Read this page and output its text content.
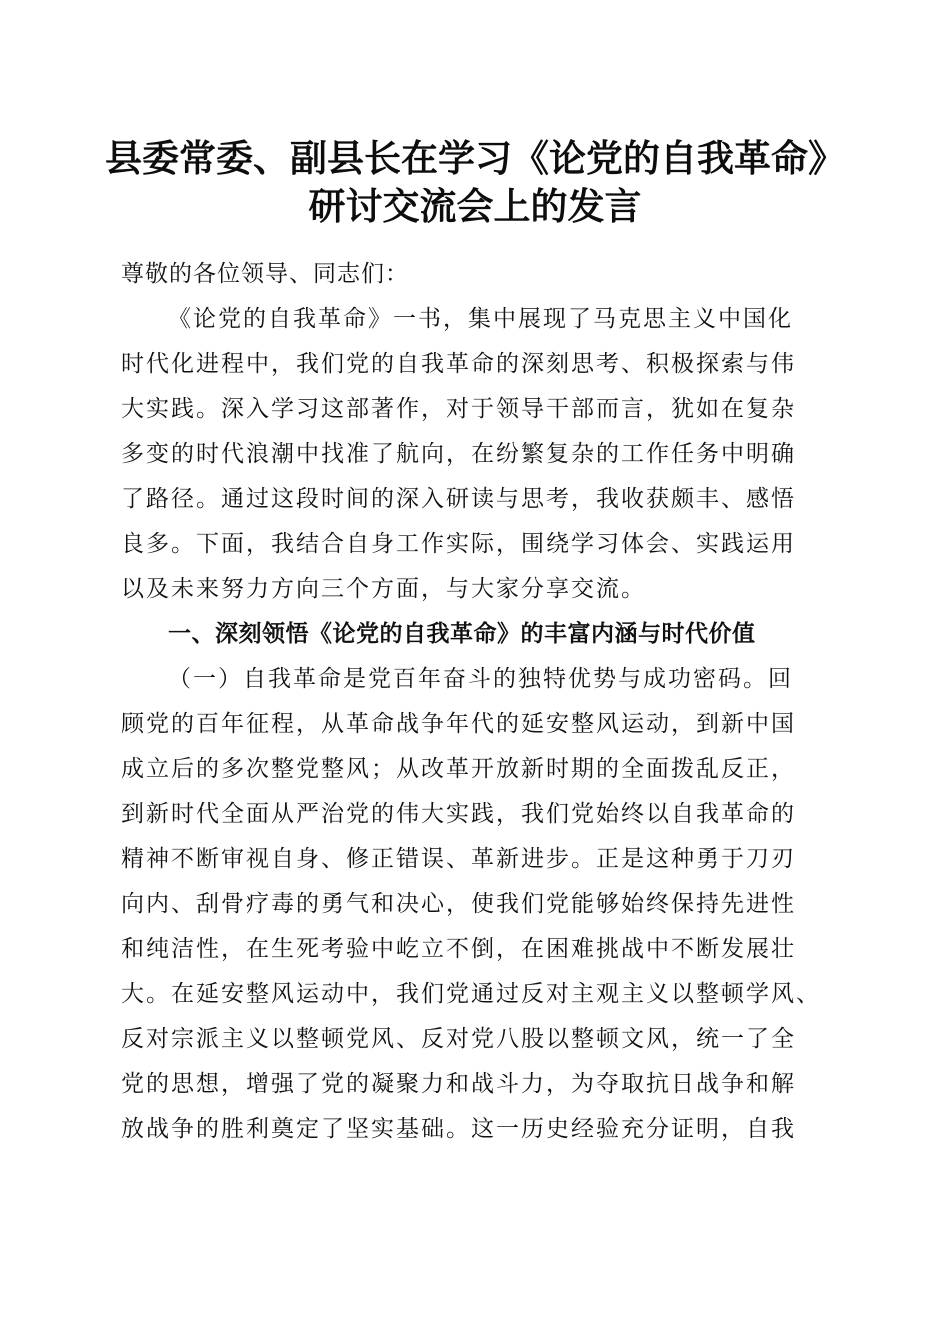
县委常委、副县长在学习《论党的自我革命》
研讨交流会上的发言
尊敬的各位领导、同志们：
《论党的自我革命》一书，集中展现了马克思主义中国化
时代化进程中，我们党的自我革命的深刻思考、积极探索与伟
大实践。深入学习这部著作，对于领导干部而言，犹如在复杂
多变的时代浪潮中找准了航向，在纷繁复杂的工作任务中明确
了路径。通过这段时间的深入研读与思考，我收获颇丰、感悟
良多。下面，我结合自身工作实际，围绕学习体会、实践运用
以及未来努力方向三个方面，与大家分享交流。
一、深刻领悟《论党的自我革命》的丰富内涵与时代价值
（一）自我革命是党百年奋斗的独特优势与成功密码。回
顾党的百年征程，从革命战争年代的延安整风运动，到新中国
成立后的多次整党整风；从改革开放新时期的全面拨乱反正，
到新时代全面从严治党的伟大实践，我们党始终以自我革命的
精神不断审视自身、修正错误、革新进步。正是这种勇于刀刃
向内、刮骨疗毒的勇气和决心，使我们党能够始终保持先进性
和纯洁性，在生死考验中屹立不倒，在困难挑战中不断发展壮
大。在延安整风运动中，我们党通过反对主观主义以整顿学风、
反对宗派主义以整顿党风、反对党八股以整顿文风，统一了全
党的思想，增强了党的凝聚力和战斗力，为夺取抗日战争和解
放战争的胜利奠定了坚实基础。这一历史经验充分证明，自我
